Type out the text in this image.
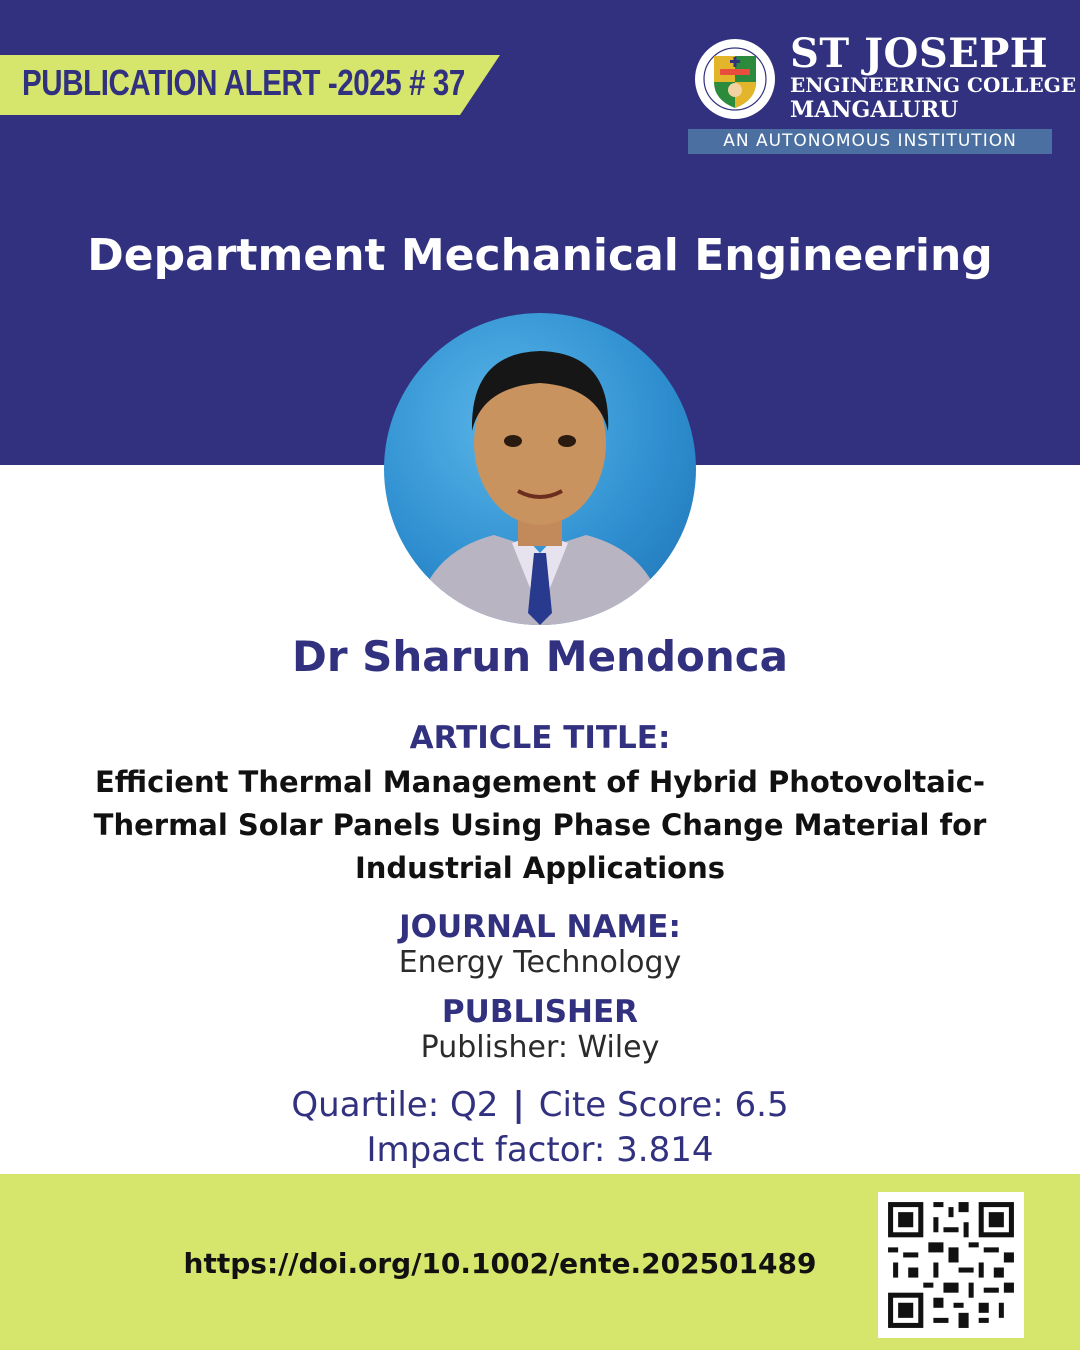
PUBLICATION ALERT -2025 # 37
ST JOSEPH
ENGINEERING COLLEGE
MANGALURU
AN AUTONOMOUS INSTITUTION
Department Mechanical Engineering
Dr Sharun Mendonca
ARTICLE TITLE:
Efficient Thermal Management of Hybrid Photovoltaic-Thermal Solar Panels Using Phase Change Material for Industrial Applications
JOURNAL NAME:
Energy Technology
PUBLISHER
Publisher: Wiley
Quartile: Q2 | Cite Score: 6.5
Impact factor: 3.814
https://doi.org/10.1002/ente.202501489
